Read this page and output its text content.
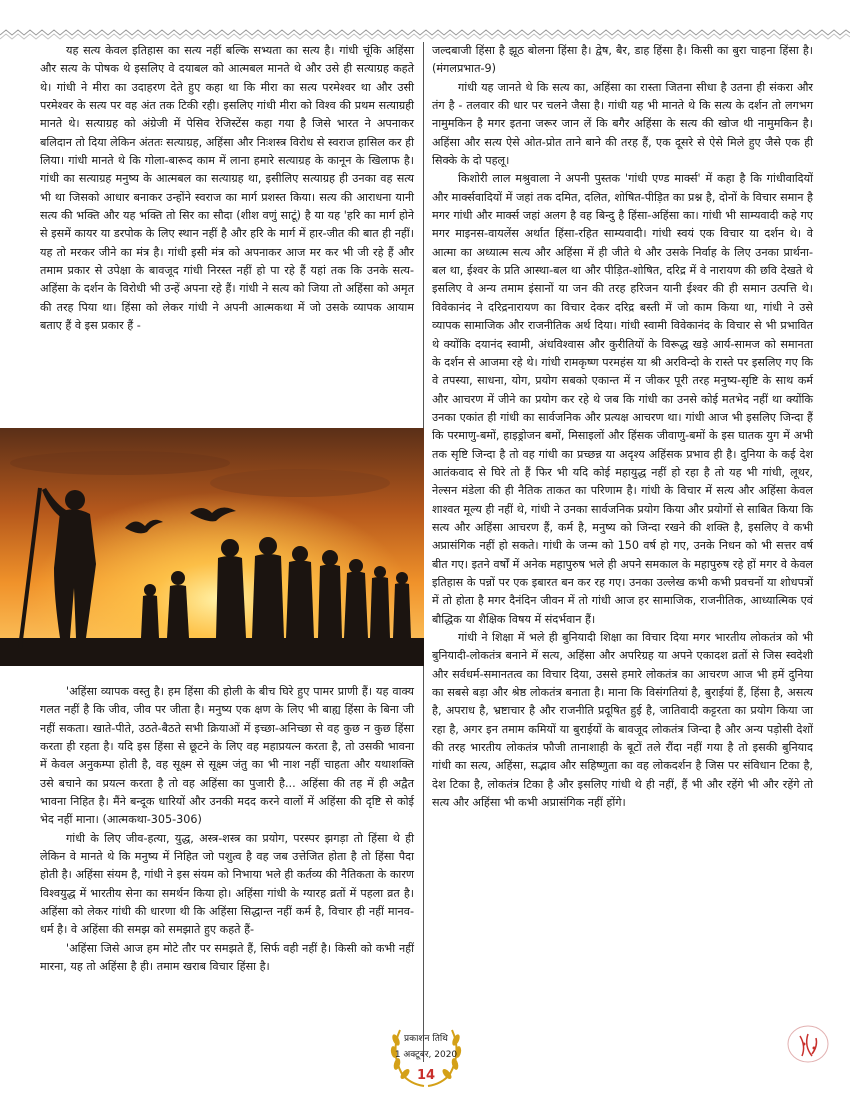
यह सत्य केवल इतिहास का सत्य नहीं बल्कि सभ्यता का सत्य है। गांधी चूंकि अहिंसा और सत्य के पोषक थे इसलिए वे दयाबल को आत्मबल मानते थे और उसे ही सत्याग्रह कहते थे। गांधी ने मीरा का उदाहरण देते हुए कहा था कि मीरा का सत्य परमेश्वर था और उसी परमेश्वर के सत्य पर वह अंत तक टिकी रही। इसलिए गांधी मीरा को विश्व की प्रथम सत्याग्रही मानते थे। सत्याग्रह को अंग्रेजी में पेसिव रेजिस्टेंस कहा गया है जिसे भारत ने अपनाकर बलिदान तो दिया लेकिन अंततः सत्याग्रह, अहिंसा और निःशस्त्र विरोध से स्वराज हासिल कर ही लिया। गांधी मानते थे कि गोला-बारूद काम में लाना हमारे सत्याग्रह के कानून के खिलाफ है। गांधी का सत्याग्रह मनुष्य के आत्मबल का सत्याग्रह था, इसीलिए सत्याग्रह ही उनका वह सत्य भी था जिसको आधार बनाकर उन्होंने स्वराज का मार्ग प्रशस्त किया। सत्य की आराधना यानी सत्य की भक्ति और यह भक्ति तो सिर का सौदा (शीश वणुं साटूं) है या यह 'हरि का मार्ग होने से इसमें कायर या डरपोक के लिए स्थान नहीं है और हरि के मार्ग में हार-जीत की बात ही नहीं। यह तो मरकर जीने का मंत्र है। गांधी इसी मंत्र को अपनाकर आज मर कर भी जी रहे हैं और तमाम प्रकार से उपेक्षा के बावजूद गांधी निरस्त नहीं हो पा रहे हैं यहां तक कि उनके सत्य-अहिंसा के दर्शन के विरोधी भी उन्हें अपना रहे हैं। गांधी ने सत्य को जिया तो अहिंसा को अमृत की तरह पिया था। हिंसा को लेकर गांधी ने अपनी आत्मकथा में जो उसके व्यापक आयाम बताए हैं वे इस प्रकार हैं -

'अहिंसा व्यापक वस्तु है। हम हिंसा की होली के बीच घिरे हुए पामर प्राणी हैं। यह वाक्य गलत नहीं है कि जीव, जीव पर जीता है। मनुष्य एक क्षण के लिए भी बाह्य हिंसा के बिना जी नहीं सकता। खाते-पीते, उठते-बैठते सभी क्रियाओं में इच्छा-अनिच्छा से वह कुछ न कुछ हिंसा करता ही रहता है। यदि इस हिंसा से छूटने के लिए वह महाप्रयत्न करता है, तो उसकी भावना में केवल अनुकम्पा होती है, वह सूक्ष्म से सूक्ष्म जंतु का भी नाश नहीं चाहता और यथाशक्ति उसे बचाने का प्रयत्न करता है तो वह अहिंसा का पुजारी है... अहिंसा की तह में ही अद्वैत भावना निहित है। मैंने बन्दूक धारियों और उनकी मदद करने वालों में अहिंसा की दृष्टि से कोई भेद नहीं माना। (आत्मकथा-305-306)

गांधी के लिए जीव-हत्या, युद्ध, अस्त्र-शस्त्र का प्रयोग, परस्पर झगड़ा तो हिंसा थे ही लेकिन वे मानते थे कि मनुष्य में निहित जो पशुत्व है वह जब उत्तेजित होता है तो हिंसा पैदा होती है। अहिंसा संयम है, गांधी ने इस संयम को निभाया भले ही कर्तव्य की नैतिकता के कारण विश्वयुद्ध में भारतीय सेना का समर्थन किया हो। अहिंसा गांधी के ग्यारह व्रतों में पहला व्रत है। अहिंसा को लेकर गांधी की धारणा थी कि अहिंसा सिद्धान्त नहीं कर्म है, विचार ही नहीं मानव-धर्म है। वे अहिंसा की समझ को समझाते हुए कहते हैं-

'अहिंसा जिसे आज हम मोटे तौर पर समझते हैं, सिर्फ वही नहीं है। किसी को कभी नहीं मारना, यह तो अहिंसा है ही। तमाम खराब विचार हिंसा है।

जल्दबाजी हिंसा है झूठ बोलना हिंसा है। द्वेष, बैर, डाह हिंसा है। किसी का बुरा चाहना हिंसा है। (मंगलप्रभात-9)

गांधी यह जानते थे कि सत्य का, अहिंसा का रास्ता जितना सीधा है उतना ही संकरा और तंग है - तलवार की धार पर चलने जैसा है। गांधी यह भी मानते थे कि सत्य के दर्शन तो लगभग नामुमकिन है मगर इतना जरूर जान लें कि बगैर अहिंसा के सत्य की खोज थी नामुमकिन है। अहिंसा और सत्य ऐसे ओत-प्रोत ताने बाने की तरह हैं, एक दूसरे से ऐसे मिले हुए जैसे एक ही सिक्के के दो पहलू।

किशोरी लाल मश्रुवाला ने अपनी पुस्तक 'गांधी एण्ड मार्क्स' में कहा है कि गांधीवादियों और मार्क्सवादियों में जहां तक दमित, दलित, शोषित-पीड़ित का प्रश्न है, दोनों के विचार समान है मगर गांधी और मार्क्स जहां अलग है वह बिन्दु है हिंसा-अहिंसा का। गांधी भी साम्यवादी कहे गए मगर माइनस-वायलेंस अर्थात हिंसा-रहित साम्यवादी। गांधी स्वयं एक विचार या दर्शन थे। वे आत्मा का अध्यात्म सत्य और अहिंसा में ही जीते थे और उसके निर्वाह के लिए उनका प्रार्थना-बल था, ईश्वर के प्रति आस्था-बल था और पीड़ित-शोषित, दरिद्र में वे नारायण की छवि देखते थे इसलिए वे अन्य तमाम इंसानों या जन की तरह हरिजन यानी ईश्वर की ही समान उत्पत्ति थे। विवेकानंद ने दरिद्रनारायण का विचार देकर दरिद्र बस्ती में जो काम किया था, गांधी ने उसे व्यापक सामाजिक और राजनीतिक अर्थ दिया। गांधी स्वामी विवेकानंद के विचार से भी प्रभावित थे क्योंकि दयानंद स्वामी, अंधविश्वास और कुरीतियों के विरूद्ध खड़े आर्य-सामज को समानता के दर्शन से आजमा रहे थे। गांधी रामकृष्ण परमहंस या श्री अरविन्दो के रास्ते पर इसलिए गए कि वे तपस्या, साधना, योग, प्रयोग सबको एकान्त में न जीकर पूरी तरह मनुष्य-सृष्टि के साथ कर्म और आचरण में जीने का प्रयोग कर रहे थे जब कि गांधी का उनसे कोई मतभेद नहीं था क्योंकि उनका एकांत ही गांधी का सार्वजनिक और प्रत्यक्ष आचरण था। गांधी आज भी इसलिए जिन्दा हैं कि परमाणु-बमों, हाइड्रोजन बमों, मिसाइलों और हिंसक जीवाणु-बमों के इस घातक युग में अभी तक सृष्टि जिन्दा है तो वह गांधी का प्रच्छन्न या अदृश्य अहिंसक प्रभाव ही है। दुनिया के कई देश आतंकवाद से घिरे तो हैं फिर भी यदि कोई महायुद्ध नहीं हो रहा है तो यह भी गांधी, लूथर, नेल्सन मंडेला की ही नैतिक ताकत का परिणाम है। गांधी के विचार में सत्य और अहिंसा केवल शाश्वत मूल्य ही नहीं थे, गांधी ने उनका सार्वजनिक प्रयोग किया और प्रयोगों से साबित किया कि सत्य और अहिंसा आचरण हैं, कर्म है, मनुष्य को जिन्दा रखने की शक्ति है, इसलिए वे कभी अप्रासंगिक नहीं हो सकते। गांधी के जन्म को 150 वर्ष हो गए, उनके निधन को भी सत्तर वर्ष बीत गए। इतने वर्षों में अनेक महापुरुष भले ही अपने समकाल के महापुरुष रहे हों मगर वे केवल इतिहास के पन्नों पर एक इबारत बन कर रह गए। उनका उल्लेख कभी कभी प्रवचनों या शोधपत्रों में तो होता है मगर दैनंदिन जीवन में तो गांधी आज हर सामाजिक, राजनीतिक, आध्यात्मिक एवं बौद्धिक या शैक्षिक विषय में संदर्भवान हैं।

गांधी ने शिक्षा में भले ही बुनियादी शिक्षा का विचार दिया मगर भारतीय लोकतंत्र को भी बुनियादी-लोकतंत्र बनाने में सत्य, अहिंसा और अपरिग्रह या अपने एकादश व्रतों से जिस स्वदेशी और सर्वधर्म-समानतत्व का विचार दिया, उससे हमारे लोकतंत्र का आचरण आज भी हमें दुनिया का सबसे बड़ा और श्रेष्ठ लोकतंत्र बनाता है। माना कि विसंगतियां है, बुराईयां हैं, हिंसा है, असत्य है, अपराध है, भ्रष्टाचार है और राजनीति प्रदूषित हुई है, जातिवादी कट्टरता का प्रयोग किया जा रहा है, अगर इन तमाम कमियों या बुराईयों के बावजूद लोकतंत्र जिन्दा है और अन्य पड़ोसी देशों की तरह भारतीय लोकतंत्र फौजी तानाशाही के बूटों तले रौंदा नहीं गया है तो इसकी बुनियाद गांधी का सत्य, अहिंसा, सद्भाव और सहिष्णुता का वह लोकदर्शन है जिस पर संविधान टिका है, देश टिका है, लोकतंत्र टिका है और इसलिए गांधी थे ही नहीं, हैं भी और रहेंगे भी और रहेंगे तो सत्य और अहिंसा भी कभी अप्रासंगिक नहीं होंगे।

प्रकाशन तिथि
1 अक्टूबर, 2020
14
